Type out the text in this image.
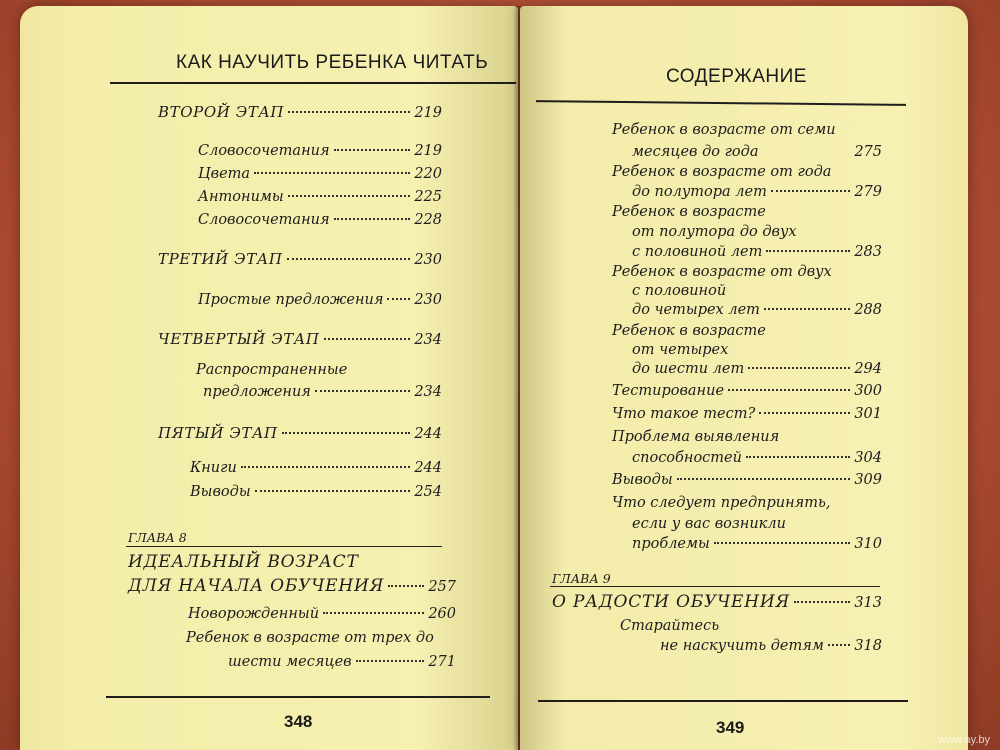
КАК НАУЧИТЬ РЕБЕНКА ЧИТАТЬ
ВТОРОЙ ЭТАП	219
Словосочетания	219
Цвета	220
Антонимы	225
Словосочетания	228
ТРЕТИЙ ЭТАП	230
Простые предложения 230
ЧЕТВЕРТЫЙ ЭТАП	234
Распространенные
предложения	234
ПЯТЫЙ ЭТАП	244
Книги	244
Выводы	254
ГЛАВА 8
ИДЕАЛЬНЫЙ ВОЗРАСТ
ДЛЯ НАЧАЛА ОБУЧЕНИЯ	257
Новорожденный	260
Ребенок в возрасте от трех до
шести месяцев	271
348
СОДЕРЖАНИЕ
Ребенок в возрасте от семи
месяцев до года	275
Ребенок в возрасте от года
до полутора лет	279
Ребенок в возрасте
от полутора до двух
с половиной лет	283
Ребенок в возрасте от двух
с половиной
до четырех лет	288
Ребенок в возрасте
от четырех
до шести лет	294
Тестирование	300
Что такое тест?	301
Проблема выявления
способностей	304
Выводы	309
Что следует предпринять,
если у вас возникли
проблемы	310
ГЛАВА 9
О РАДОСТИ ОБУЧЕНИЯ	313
Старайтесь
не наскучить детям 318
349
www.ay.by
